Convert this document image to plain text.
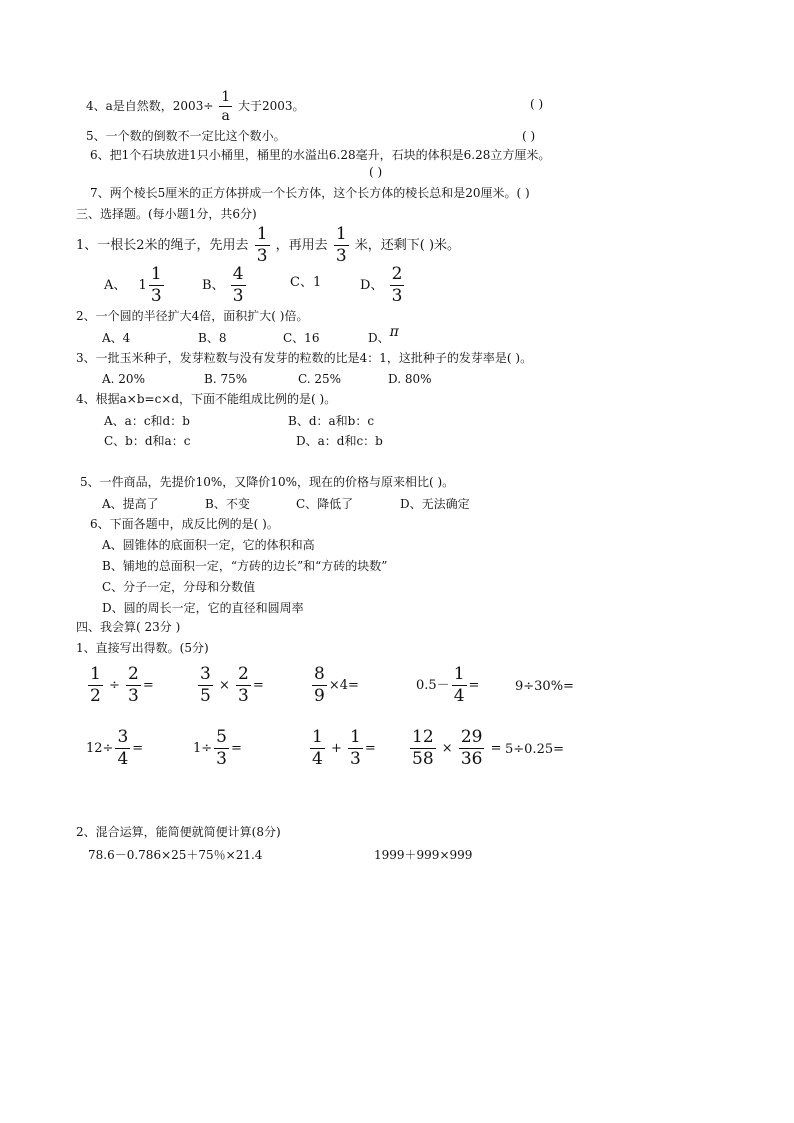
4、a是自然数，$2003\div \frac{1}{a}$ 大于2003。	( )
5、一个数的倒数不一定比这个数小。	( )
6、把1个石块放进1只小桶里，桶里的水溢出6.28毫升，石块的体积是6.28立方厘米。
( )
7、两个棱长5厘米的正方体拼成一个长方体，这个长方体的棱长总和是20厘米。( )
三、选择题。(每小题1分，共6分)
1、一根长2米的绳子，先用去 $\frac{1}{3}$ ，再用去 $\frac{1}{3}$ 米，还剩下( )米。
A、 $1 \frac{1}{3}$	B、 $\frac{4}{3}$	C、1	D、 $\frac{2}{3}$
2、一个圆的半径扩大4倍，面积扩大( )倍。
A、4	B、8	C、16	D、π
3、一批玉米种子，发芽粒数与没有发芽的粒数的比是4：1，这批种子的发芽率是( )。
A. 20%	B. 75%	C. 25%	D. 80%
4、根据a×b=c×d，下面不能组成比例的是( )。
A、a：c和d：b	B、d：a和b：c
C、b：d和a：c	D、a：d和c：b
5、一件商品，先提价10%，又降价10%，现在的价格与原来相比( )。
A、提高了	B、不变	C、降低了	D、无法确定
6、下面各题中，成反比例的是( )。
A、圆锥体的底面积一定，它的体积和高
B、铺地的总面积一定，“方砖的边长”和“方砖的块数”
C、分子一定，分母和分数值
D、圆的周长一定，它的直径和圆周率
四、我会算( 23分 )
1、直接写出得数。(5分)
$\frac{1}{2} \div \frac{2}{3}$ =	$\frac{3}{5} \times \frac{2}{3}$ =	$\frac{8}{9} \times 4=$	$0.5- \frac{1}{4}$ =	9÷30%=
$12\div \frac{3}{4}$ =	$1\div \frac{5}{3}$ =	$\frac{1}{4} + \frac{1}{3} = \frac{12}{58} \times \frac{29}{36} = 5\div 0.25=$
2、混合运算，能简便就简便计算(8分)
78.6－0.786×25＋75％×21.4	1999＋999×999
